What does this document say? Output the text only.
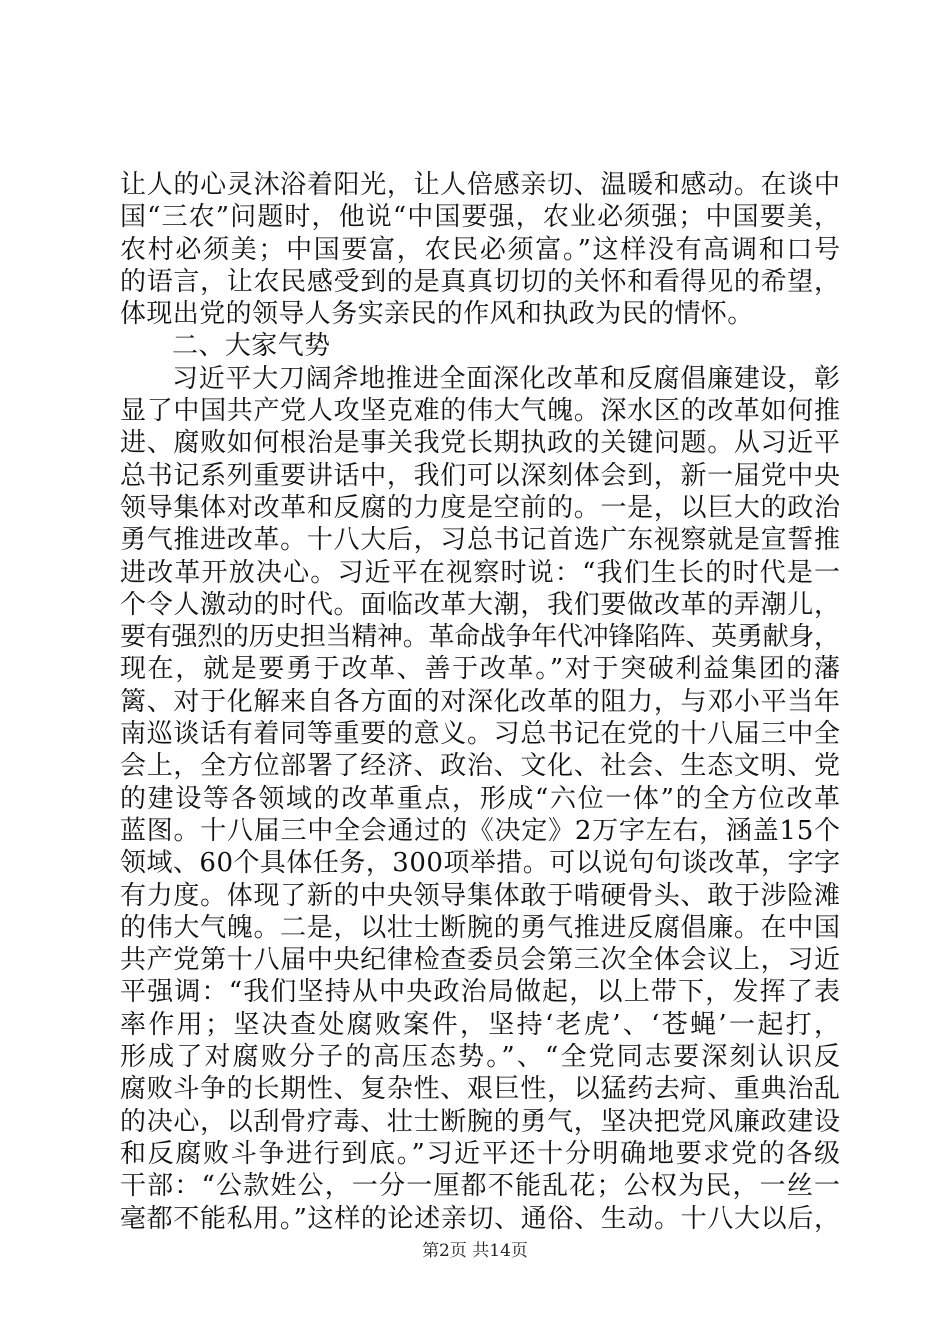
让人的心灵沐浴着阳光，让人倍感亲切、温暖和感动。在谈中
国“三农”问题时，他说“中国要强，农业必须强；中国要美，
农村必须美；中国要富，农民必须富。”这样没有高调和口号
的语言，让农民感受到的是真真切切的关怀和看得见的希望，
体现出党的领导人务实亲民的作风和执政为民的情怀。
二、大家气势
习近平大刀阔斧地推进全面深化改革和反腐倡廉建设，彰
显了中国共产党人攻坚克难的伟大气魄。深水区的改革如何推
进、腐败如何根治是事关我党长期执政的关键问题。从习近平
总书记系列重要讲话中，我们可以深刻体会到，新一届党中央
领导集体对改革和反腐的力度是空前的。一是，以巨大的政治
勇气推进改革。十八大后，习总书记首选广东视察就是宣誓推
进改革开放决心。习近平在视察时说：“我们生长的时代是一
个令人激动的时代。面临改革大潮，我们要做改革的弄潮儿，
要有强烈的历史担当精神。革命战争年代冲锋陷阵、英勇献身，
现在，就是要勇于改革、善于改革。”对于突破利益集团的藩
篱、对于化解来自各方面的对深化改革的阻力，与邓小平当年
南巡谈话有着同等重要的意义。习总书记在党的十八届三中全
会上，全方位部署了经济、政治、文化、社会、生态文明、党
的建设等各领域的改革重点，形成“六位一体”的全方位改革
蓝图。十八届三中全会通过的《决定》2万字左右，涵盖15个
领域、60个具体任务，300项举措。可以说句句谈改革，字字
有力度。体现了新的中央领导集体敢于啃硬骨头、敢于涉险滩
的伟大气魄。二是，以壮士断腕的勇气推进反腐倡廉。在中国
共产党第十八届中央纪律检查委员会第三次全体会议上，习近
平强调：“我们坚持从中央政治局做起，以上带下，发挥了表
率作用；坚决查处腐败案件，坚持‘老虎’、‘苍蝇’一起打，
形成了对腐败分子的高压态势。”、“全党同志要深刻认识反
腐败斗争的长期性、复杂性、艰巨性，以猛药去疴、重典治乱
的决心，以刮骨疗毒、壮士断腕的勇气，坚决把党风廉政建设
和反腐败斗争进行到底。”习近平还十分明确地要求党的各级
干部：“公款姓公，一分一厘都不能乱花；公权为民，一丝一
毫都不能私用。”这样的论述亲切、通俗、生动。十八大以后，
第2页 共14页
